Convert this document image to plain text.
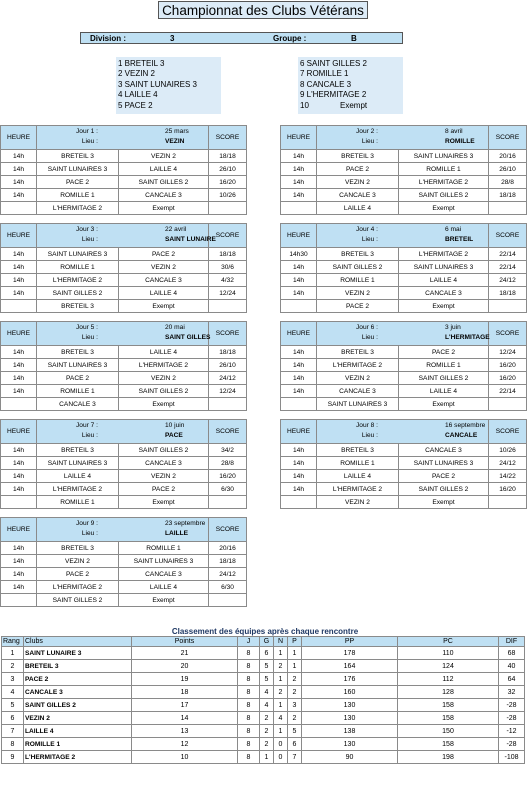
Championnat des Clubs Vétérans
Division :	3	Groupe :	B
1 BRETEIL 3
2 VEZIN 2
3 SAINT LUNAIRES 3
4 LAILLE 4
5 PACE 2
6 SAINT GILLES 2
7 ROMILLE 1
8 CANCALE 3
9 L'HERMITAGE 2
10	Exempt
HEURE	Jour 1 : 25 mars
Lieu : VEZIN		SCORE
14h	BRETEIL 3	VEZIN 2	18/18
14h	SAINT LUNAIRES 3	LAILLE 4	26/10
14h	PACE 2	SAINT GILLES 2	16/20
14h	ROMILLE 1	CANCALE 3	10/26
	L'HERMITAGE 2	Exempt	
HEURE	Jour 2 : 8 avril
Lieu : ROMILLE		SCORE
14h	BRETEIL 3	SAINT LUNAIRES 3	20/16
14h	PACE 2	ROMILLE 1	26/10
14h	VEZIN 2	L'HERMITAGE 2	28/8
14h	CANCALE 3	SAINT GILLES 2	18/18
	LAILLE 4	Exempt	
HEURE	Jour 3 : 22 avril
Lieu : SAINT LUNAIRE		SCORE
14h	SAINT LUNAIRES 3	PACE 2	18/18
14h	ROMILLE 1	VEZIN 2	30/6
14h	L'HERMITAGE 2	CANCALE 3	4/32
14h	SAINT GILLES 2	LAILLE 4	12/24
	BRETEIL 3	Exempt	
HEURE	Jour 4 : 6 mai
Lieu : BRETEIL		SCORE
14h30	BRETEIL 3	L'HERMITAGE 2	22/14
14h	SAINT GILLES 2	SAINT LUNAIRES 3	22/14
14h	ROMILLE 1	LAILLE 4	24/12
14h	VEZIN 2	CANCALE 3	18/18
	PACE 2	Exempt	
HEURE	Jour 5 : 20 mai
Lieu : SAINT GILLES		SCORE
14h	BRETEIL 3	LAILLE 4	18/18
14h	SAINT LUNAIRES 3	L'HERMITAGE 2	26/10
14h	PACE 2	VEZIN 2	24/12
14h	ROMILLE 1	SAINT GILLES 2	12/24
	CANCALE 3	Exempt	
HEURE	Jour 6 : 3 juin
Lieu : L'HERMITAGE		SCORE
14h	BRETEIL 3	PACE 2	12/24
14h	L'HERMITAGE 2	ROMILLE 1	16/20
14h	VEZIN 2	SAINT GILLES 2	16/20
14h	CANCALE 3	LAILLE 4	22/14
	SAINT LUNAIRES 3	Exempt	
HEURE	Jour 7 : 10 juin
Lieu : PACE		SCORE
14h	BRETEIL 3	SAINT GILLES 2	34/2
14h	SAINT LUNAIRES 3	CANCALE 3	28/8
14h	LAILLE 4	VEZIN 2	16/20
14h	L'HERMITAGE 2	PACE 2	6/30
	ROMILLE 1	Exempt	
HEURE	Jour 8 : 16 septembre
Lieu : CANCALE		SCORE
14h	BRETEIL 3	CANCALE 3	10/26
14h	ROMILLE 1	SAINT LUNAIRES 3	24/12
14h	LAILLE 4	PACE 2	14/22
14h	L'HERMITAGE 2	SAINT GILLES 2	16/20
	VEZIN 2	Exempt	
HEURE	Jour 9 : 23 septembre
Lieu : LAILLE		SCORE
14h	BRETEIL 3	ROMILLE 1	20/16
14h	VEZIN 2	SAINT LUNAIRES 3	18/18
14h	PACE 2	CANCALE 3	24/12
14h	L'HERMITAGE 2	LAILLE 4	6/30
	SAINT GILLES 2	Exempt	
Classement des équipes après chaque rencontre
Rang	Clubs	Points	J	G	N	P	PP	PC	DIF
1	SAINT LUNAIRE 3	21	8	6	1	1	178	110	68
2	BRETEIL 3	20	8	5	2	1	164	124	40
3	PACE 2	19	8	5	1	2	176	112	64
4	CANCALE 3	18	8	4	2	2	160	128	32
5	SAINT GILLES 2	17	8	4	1	3	130	158	-28
6	VEZIN 2	14	8	2	4	2	130	158	-28
7	LAILLE 4	13	8	2	1	5	138	150	-12
8	ROMILLE 1	12	8	2	0	6	130	158	-28
9	L'HERMITAGE 2	10	8	1	0	7	90	198	-108
